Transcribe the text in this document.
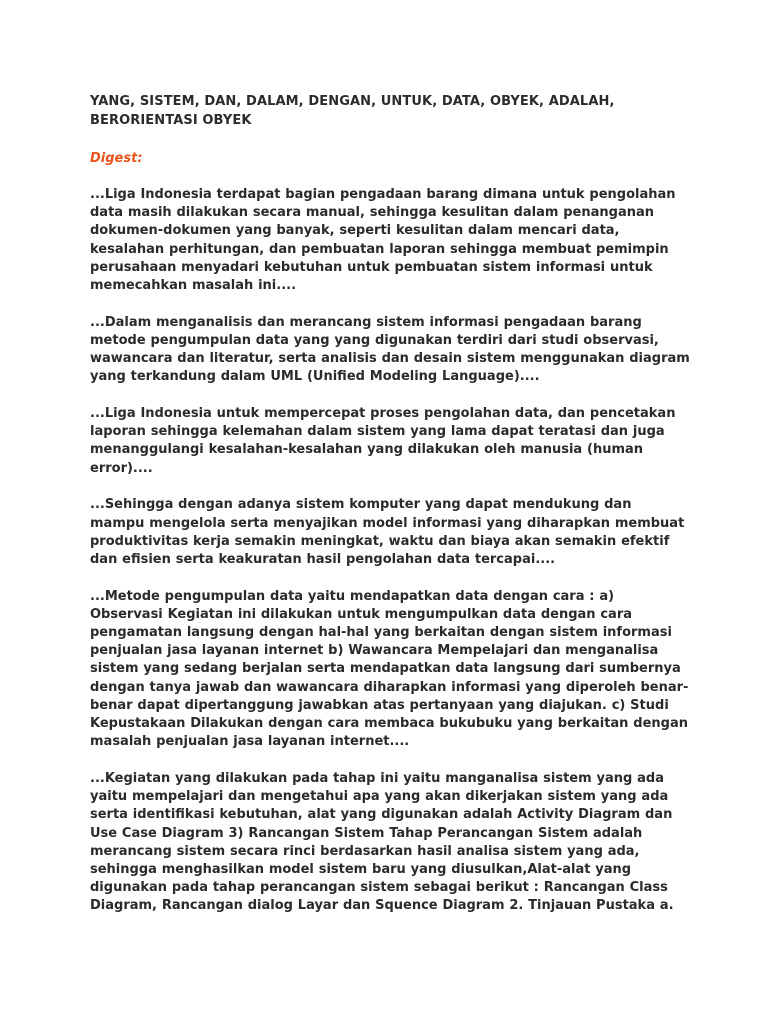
YANG, SISTEM, DAN, DALAM, DENGAN, UNTUK, DATA, OBYEK, ADALAH, BERORIENTASI OBYEK
Digest:

...Liga Indonesia terdapat bagian pengadaan barang dimana untuk pengolahan data masih dilakukan secara manual, sehingga kesulitan dalam penanganan dokumen-dokumen yang banyak, seperti kesulitan dalam mencari data, kesalahan perhitungan, dan pembuatan laporan sehingga membuat pemimpin perusahaan menyadari kebutuhan untuk pembuatan sistem informasi untuk memecahkan masalah ini....

...Dalam menganalisis dan merancang sistem informasi pengadaan barang metode pengumpulan data yang yang digunakan terdiri dari studi observasi, wawancara dan literatur, serta analisis dan desain sistem menggunakan diagram yang terkandung dalam UML (Unified Modeling Language)....

...Liga Indonesia untuk mempercepat proses pengolahan data, dan pencetakan laporan sehingga kelemahan dalam sistem yang lama dapat teratasi dan juga menanggulangi kesalahan-kesalahan yang dilakukan oleh manusia (human error)....

...Sehingga dengan adanya sistem komputer yang dapat mendukung dan mampu mengelola serta menyajikan model informasi yang diharapkan membuat produktivitas kerja semakin meningkat, waktu dan biaya akan semakin efektif dan efisien serta keakuratan hasil pengolahan data tercapai....

...Metode pengumpulan data yaitu mendapatkan data dengan cara : a) Observasi Kegiatan ini dilakukan untuk mengumpulkan data dengan cara pengamatan langsung dengan hal-hal yang berkaitan dengan sistem informasi penjualan jasa layanan internet b) Wawancara Mempelajari dan menganalisa sistem yang sedang berjalan serta mendapatkan data langsung dari sumbernya dengan tanya jawab dan wawancara diharapkan informasi yang diperoleh benar-benar dapat dipertanggung jawabkan atas pertanyaan yang diajukan. c) Studi Kepustakaan Dilakukan dengan cara membaca bukubuku yang berkaitan dengan masalah penjualan jasa layanan internet....

...Kegiatan yang dilakukan pada tahap ini yaitu manganalisa sistem yang ada yaitu mempelajari dan mengetahui apa yang akan dikerjakan sistem yang ada serta identifikasi kebutuhan, alat yang digunakan adalah Activity Diagram dan Use Case Diagram 3) Rancangan Sistem Tahap Perancangan Sistem adalah merancang sistem secara rinci berdasarkan hasil analisa sistem yang ada, sehingga menghasilkan model sistem baru yang diusulkan,Alat-alat yang digunakan pada tahap perancangan sistem sebagai berikut : Rancangan Class Diagram, Rancangan dialog Layar dan Squence Diagram 2. Tinjauan Pustaka a.
